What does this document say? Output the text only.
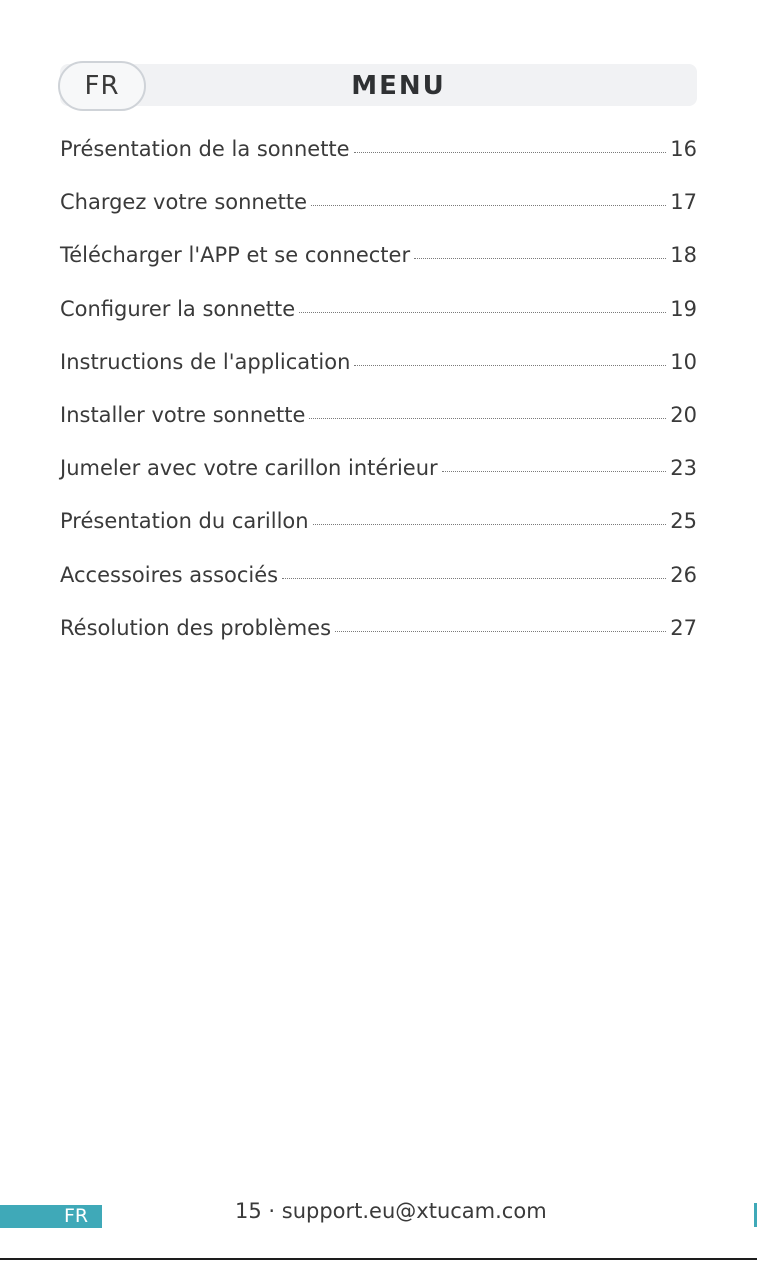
FR	MENU
Présentation de la sonnette	16
Chargez votre sonnette	17
Télécharger l'APP et se connecter	18
Configurer la sonnette	19
Instructions de l'application	10
Installer votre sonnette	20
Jumeler avec votre carillon intérieur	23
Présentation du carillon	25
Accessoires associés	26
Résolution des problèmes	27
FR	15 · support.eu@xtucam.com
